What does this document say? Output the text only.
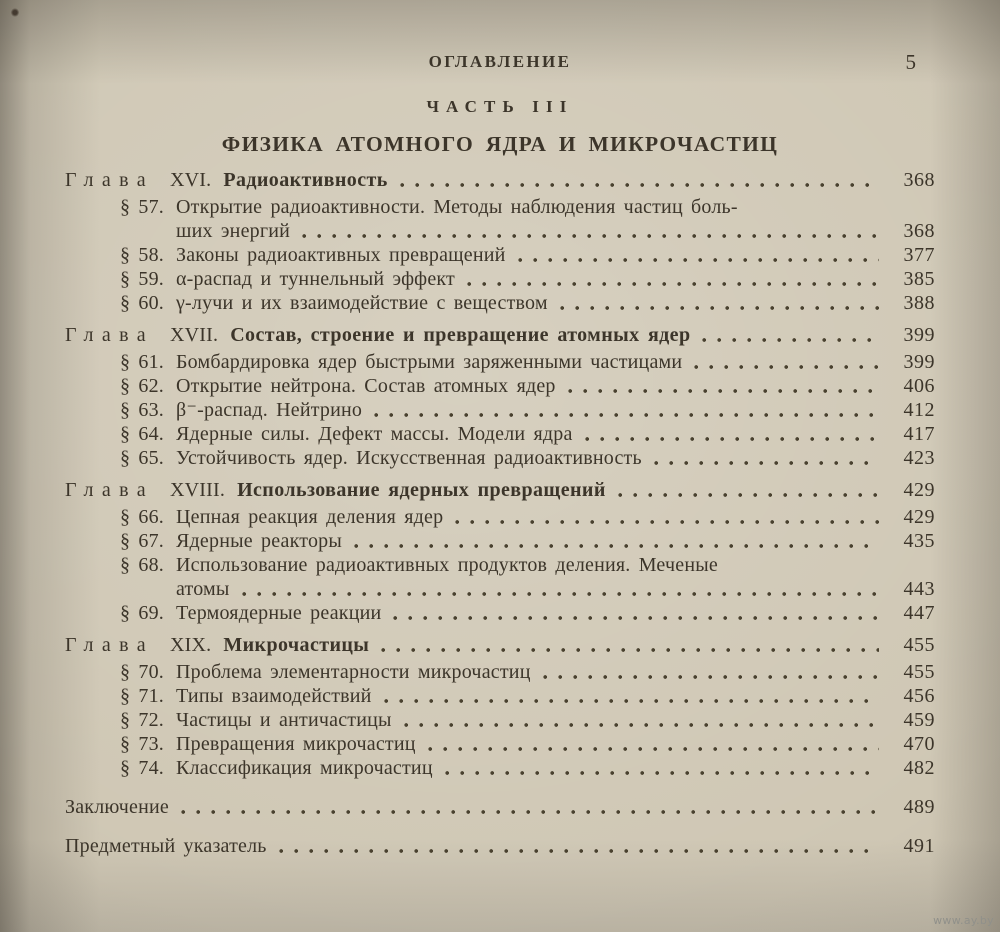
ОГЛАВЛЕНИЕ	5
ЧАСТЬ III
ФИЗИКА АТОМНОГО ЯДРА И МИКРОЧАСТИЦ
Глава XVI. Радиоактивность	368
§ 57. Открытие радиоактивности. Методы наблюдения частиц боль-
ших энергий	368
§ 58. Законы радиоактивных превращений	377
§ 59. α-распад и туннельный эффект	385
§ 60. γ-лучи и их взаимодействие с веществом	388
Глава XVII. Состав, строение и превращение атомных ядер	399
§ 61. Бомбардировка ядер быстрыми заряженными частицами	399
§ 62. Открытие нейтрона. Состав атомных ядер	406
§ 63. β⁻-распад. Нейтрино	412
§ 64. Ядерные силы. Дефект массы. Модели ядра	417
§ 65. Устойчивость ядер. Искусственная радиоактивность	423
Глава XVIII. Использование ядерных превращений	429
§ 66. Цепная реакция деления ядер	429
§ 67. Ядерные реакторы	435
§ 68. Использование радиоактивных продуктов деления. Меченые
атомы	443
§ 69. Термоядерные реакции	447
Глава XIX. Микрочастицы	455
§ 70. Проблема элементарности микрочастиц	455
§ 71. Типы взаимодействий	456
§ 72. Частицы и античастицы	459
§ 73. Превращения микрочастиц	470
§ 74. Классификация микрочастиц	482
Заключение	489
Предметный указатель	491
www.ay.by
